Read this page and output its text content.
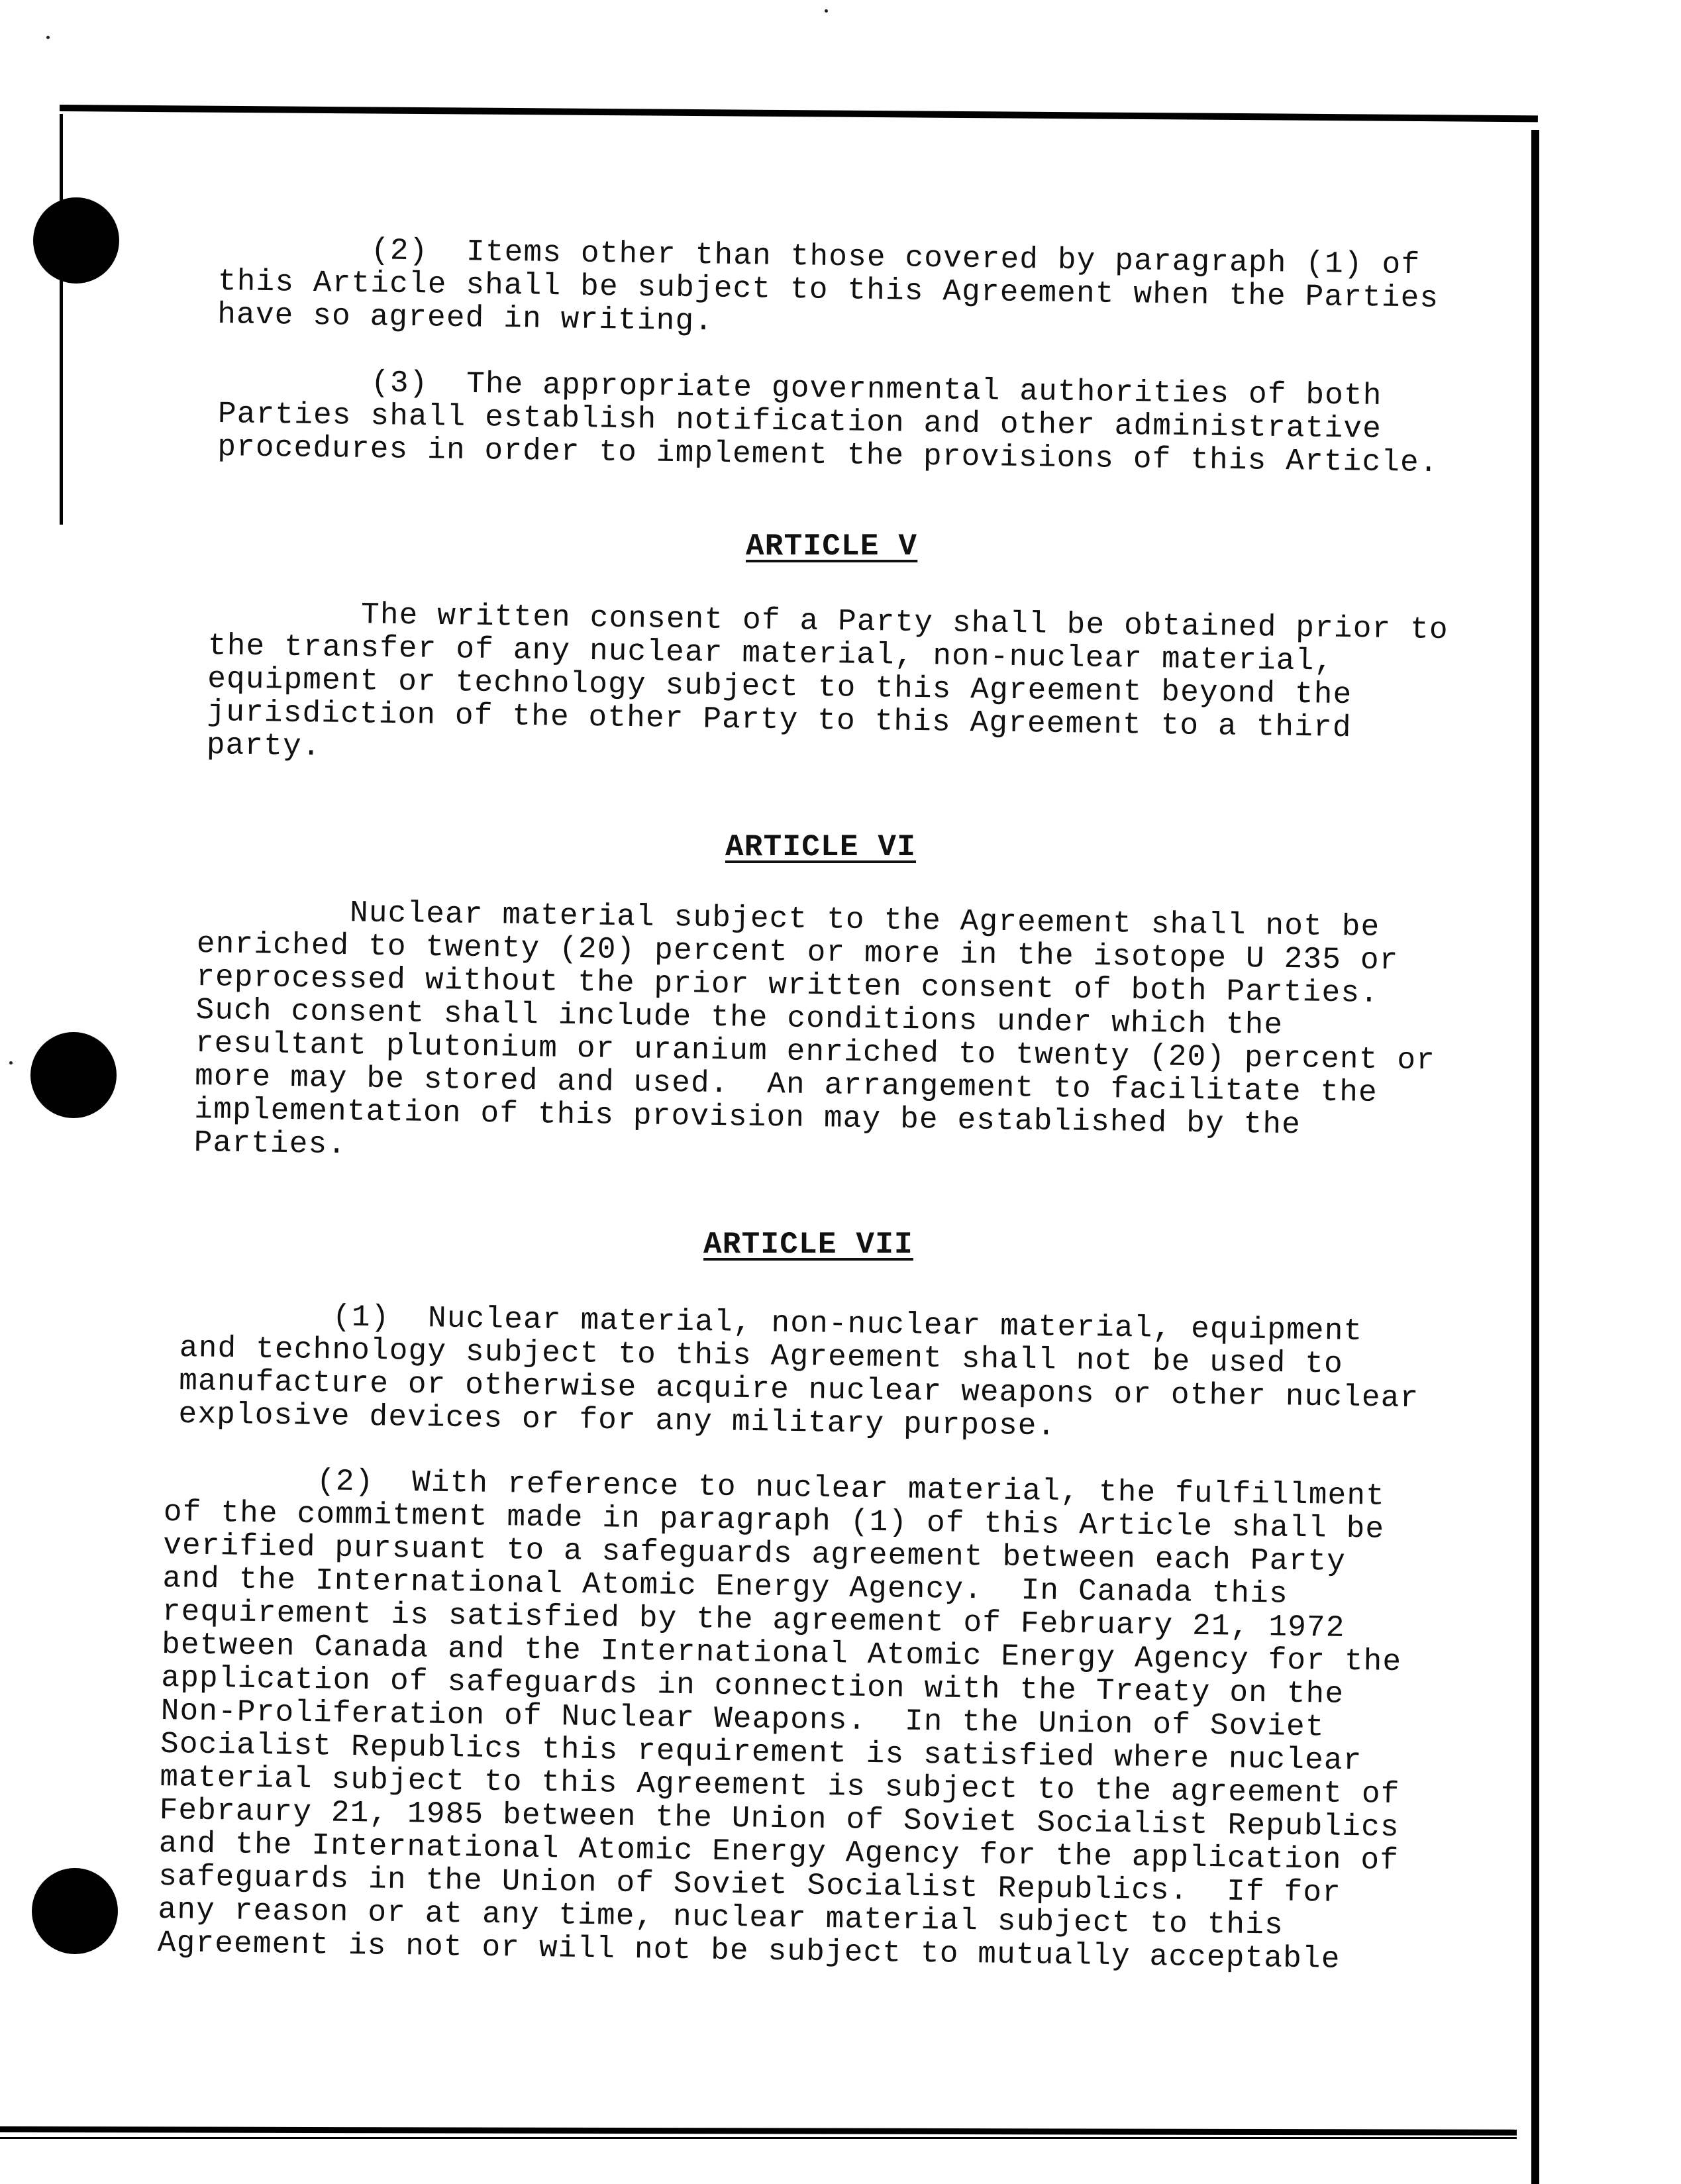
(2)  Items other than those covered by paragraph (1) of
this Article shall be subject to this Agreement when the Parties
have so agreed in writing.

(3)  The appropriate governmental authorities of both
Parties shall establish notification and other administrative
procedures in order to implement the provisions of this Article.

ARTICLE V

The written consent of a Party shall be obtained prior to
the transfer of any nuclear material, non-nuclear material,
equipment or technology subject to this Agreement beyond the
jurisdiction of the other Party to this Agreement to a third
party.

ARTICLE VI

Nuclear material subject to the Agreement shall not be
enriched to twenty (20) percent or more in the isotope U 235 or
reprocessed without the prior written consent of both Parties.
Such consent shall include the conditions under which the
resultant plutonium or uranium enriched to twenty (20) percent or
more may be stored and used.  An arrangement to facilitate the
implementation of this provision may be established by the
Parties.

ARTICLE VII

(1)  Nuclear material, non-nuclear material, equipment
and technology subject to this Agreement shall not be used to
manufacture or otherwise acquire nuclear weapons or other nuclear
explosive devices or for any military purpose.

(2)  With reference to nuclear material, the fulfillment
of the commitment made in paragraph (1) of this Article shall be
verified pursuant to a safeguards agreement between each Party
and the International Atomic Energy Agency.  In Canada this
requirement is satisfied by the agreement of February 21, 1972
between Canada and the International Atomic Energy Agency for the
application of safeguards in connection with the Treaty on the
Non-Proliferation of Nuclear Weapons.  In the Union of Soviet
Socialist Republics this requirement is satisfied where nuclear
material subject to this Agreement is subject to the agreement of
Febraury 21, 1985 between the Union of Soviet Socialist Republics
and the International Atomic Energy Agency for the application of
safeguards in the Union of Soviet Socialist Republics.  If for
any reason or at any time, nuclear material subject to this
Agreement is not or will not be subject to mutually acceptable
